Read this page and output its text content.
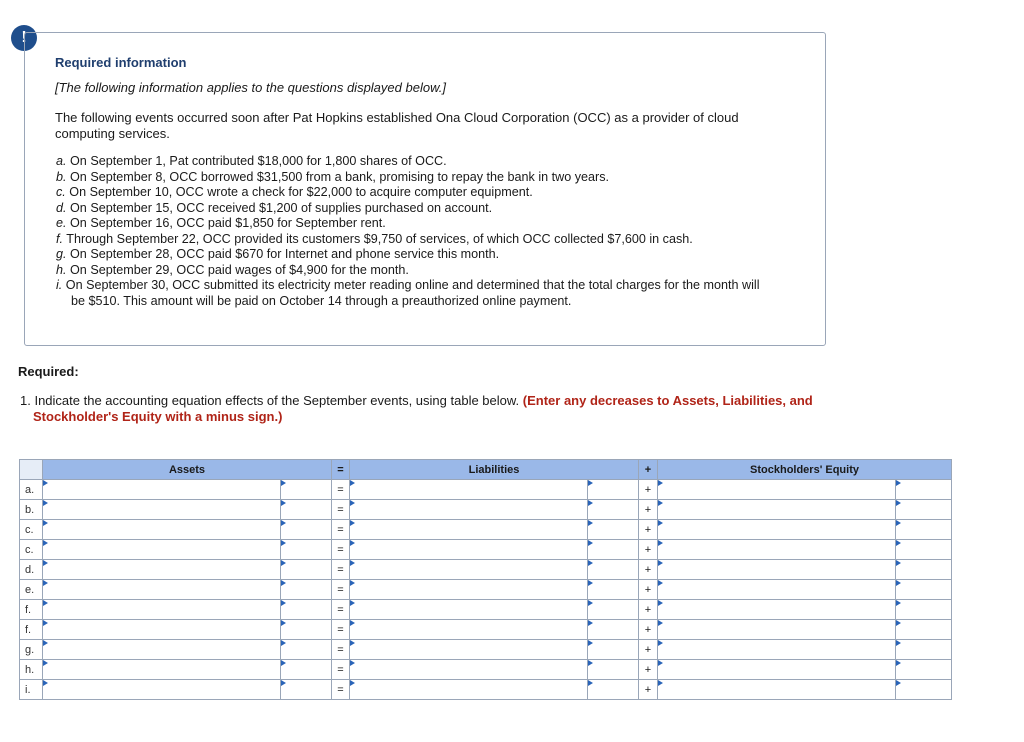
!
Required information
[The following information applies to the questions displayed below.]
The following events occurred soon after Pat Hopkins established Ona Cloud Corporation (OCC) as a provider of cloud computing services.
a. On September 1, Pat contributed $18,000 for 1,800 shares of OCC.
b. On September 8, OCC borrowed $31,500 from a bank, promising to repay the bank in two years.
c. On September 10, OCC wrote a check for $22,000 to acquire computer equipment.
d. On September 15, OCC received $1,200 of supplies purchased on account.
e. On September 16, OCC paid $1,850 for September rent.
f. Through September 22, OCC provided its customers $9,750 of services, of which OCC collected $7,600 in cash.
g. On September 28, OCC paid $670 for Internet and phone service this month.
h. On September 29, OCC paid wages of $4,900 for the month.
i. On September 30, OCC submitted its electricity meter reading online and determined that the total charges for the month will be $510. This amount will be paid on October 14 through a preauthorized online payment.
Required:
1. Indicate the accounting equation effects of the September events, using table below. (Enter any decreases to Assets, Liabilities, and Stockholder's Equity with a minus sign.)
	Assets		=	Liabilities		+	Stockholders' Equity	
a.			=			+		
b.			=			+		
c.			=			+		
c.			=			+		
d.			=			+		
e.			=			+		
f.			=			+		
f.			=			+		
g.			=			+		
h.			=			+		
i.			=			+		
